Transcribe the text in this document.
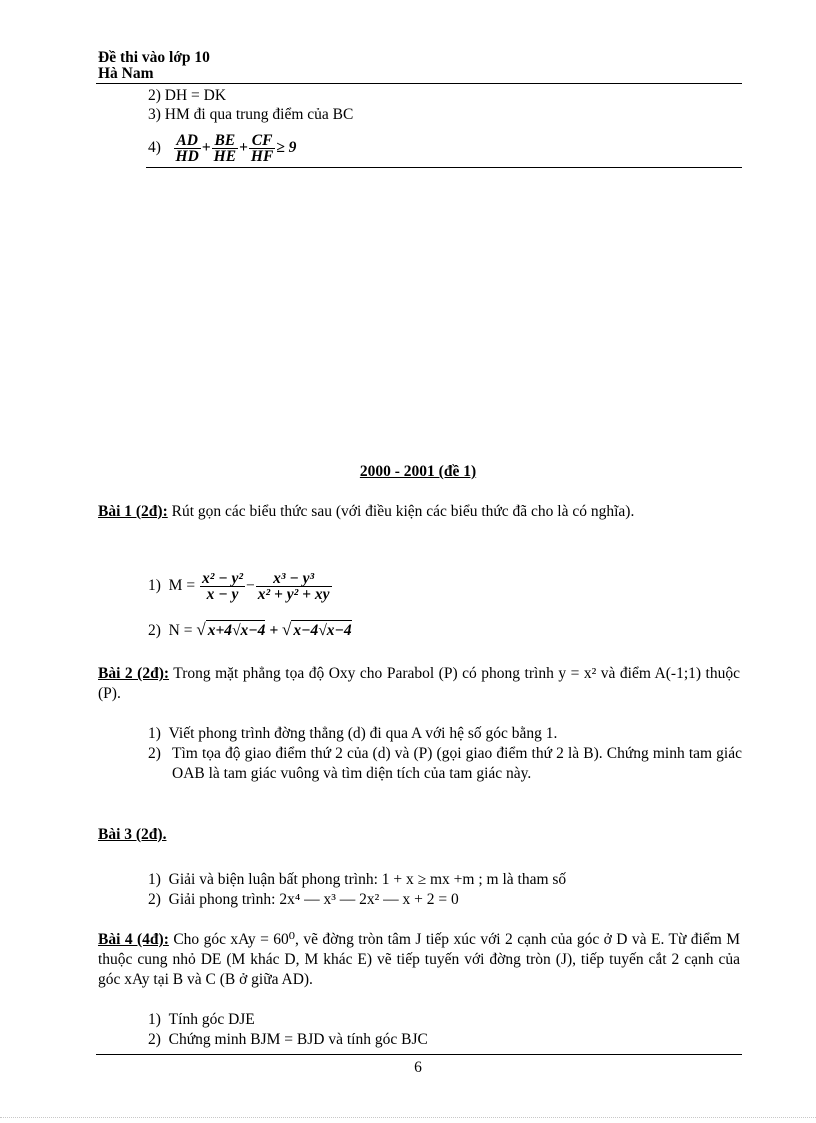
Đề thi vào lớp 10
Hà Nam
2) DH = DK
3) HM đi qua trung điểm của BC
$4) \frac{AD}{HD} + \frac{BE}{HE} + \frac{CF}{HF} \ge 9$
2000 - 2001 (đề 1)
Bài 1 (2đ): Rút gọn các biểu thức sau (với điều kiện các biểu thức đã cho là có nghĩa).
1) $M = \frac{\text{x² − y²}}{x - y} - \frac{\text{x³ − y³}}{\text{x² + y² + xy}}$
2) N = √ x+4√x−4 + √ x−4√x−4
Bài 2 (2đ): Trong mặt phẳng tọa độ Oxy cho Parabol (P) có phong trình y = x² và điểm A(-1;1) thuộc (P).
1) Viết phong trình đờng thẳng (d) đi qua A với hệ số góc bằng 1.
2) Tìm tọa độ giao điểm thứ 2 của (d) và (P) (gọi giao điểm thứ 2 là B). Chứng minh tam giác OAB là tam giác vuông và tìm diện tích của tam giác này.
Bài 3 (2đ).
1) Giải và biện luận bất phong trình: 1 + x ≥ mx +m ; m là tham số
2) Giải phong trình: 2x⁴ — x³ — 2x² — x + 2 = 0
Bài 4 (4đ): Cho góc xAy = 60⁰, vẽ đờng tròn tâm J tiếp xúc với 2 cạnh của góc ở D và E. Từ điểm M thuộc cung nhỏ DE (M khác D, M khác E) vẽ tiếp tuyến với đờng tròn (J), tiếp tuyến cắt 2 cạnh của góc xAy tại B và C (B ở giữa AD).
1) Tính góc DJE
2) Chứng minh BJM = BJD và tính góc BJC
6
